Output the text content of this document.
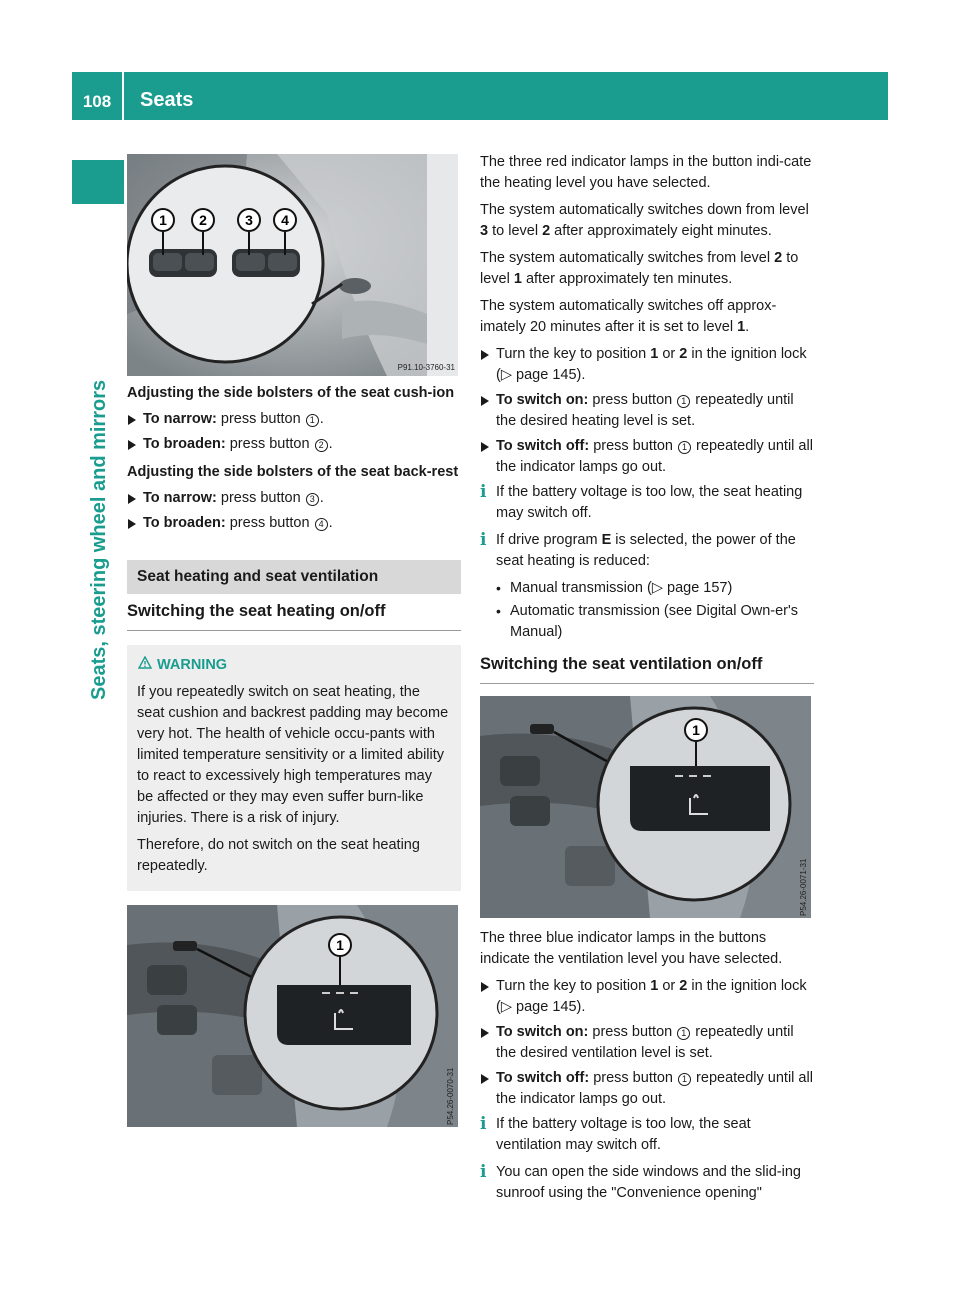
108	Seats
Seats, steering wheel and mirrors
1 2	3 4
P91.10-3760-31

Adjusting the side bolsters of the seat cush-ion

To narrow: press button 1 .
To broaden: press button 2 .

Adjusting the side bolsters of the seat back-rest

To narrow: press button 3 .
To broaden: press button 4 .
Seat heating and seat ventilation
Switching the seat heating on/off
WARNING

If you repeatedly switch on seat heating, the seat cushion and backrest padding may become very hot. The health of vehicle occu-pants with limited temperature sensitivity or a limited ability to react to excessively high temperatures may be affected or they may even suffer burn-like injuries. There is a risk of injury.

Therefore, do not switch on the seat heating repeatedly.

1
P54.26-0070-31

The three red indicator lamps in the button indi-cate the heating level you have selected.

The system automatically switches down from level 3 to level 2 after approximately eight minutes.

The system automatically switches from level 2 to level 1 after approximately ten minutes.

The system automatically switches off approx-imately 20 minutes after it is set to level 1.

Turn the key to position 1 or 2 in the ignition lock (▷ page 145).
To switch on: press button 1 repeatedly until the desired heating level is set.
To switch off: press button 1 repeatedly until all the indicator lamps go out.
i If the battery voltage is too low, the seat heating may switch off.
i If drive program E is selected, the power of the seat heating is reduced:
• Manual transmission (▷ page 157)
• Automatic transmission (see Digital Own-er's Manual)
Switching the seat ventilation on/off
1
P54.26-0071-31

The three blue indicator lamps in the buttons indicate the ventilation level you have selected.

Turn the key to position 1 or 2 in the ignition lock (▷ page 145).
To switch on: press button 1 repeatedly until the desired ventilation level is set.
To switch off: press button 1 repeatedly until all the indicator lamps go out.
i If the battery voltage is too low, the seat ventilation may switch off.
i You can open the side windows and the slid-ing sunroof using the "Convenience opening"
